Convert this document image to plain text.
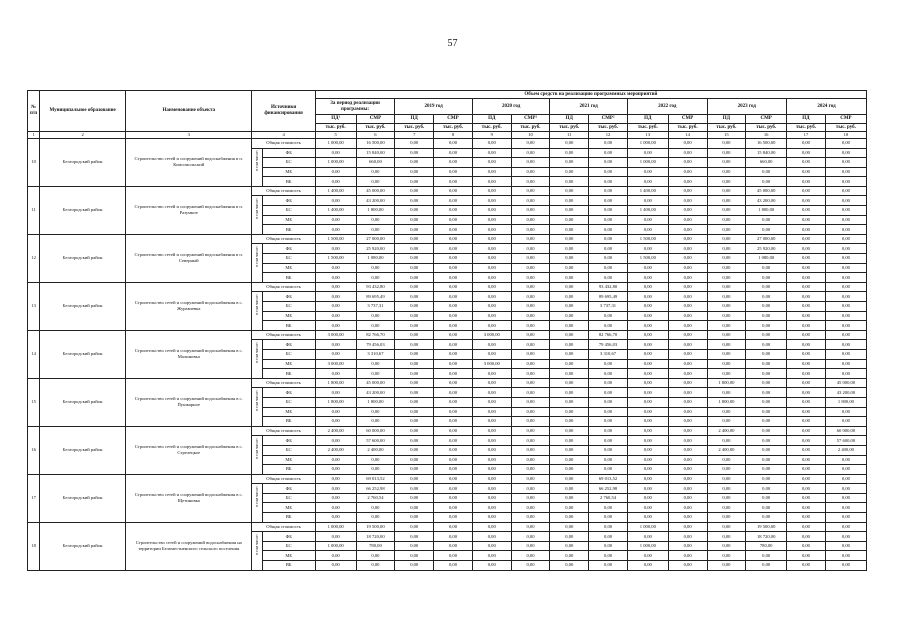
57
№ п/п	Муниципальное образование	Наименование объекта	Источники финансирования		Объем средств на реализацию программных мероприятий													
					За период реализации программы:		2019 год		2020 год		2021 год		2022 год		2023 год		2024 год	
					ПД¹	СМР	ПД	СМР	ПД	СМР²	ПД	СМР²	ПД	СМР	ПД	СМР	ПД	СМР
					тыс. руб.	тыс. руб.	тыс. руб.	тыс. руб.	тыс. руб.	тыс. руб.	тыс. руб.	тыс. руб.	тыс. руб.	тыс. руб.	тыс. руб.	тыс. руб.	тыс. руб.	тыс. руб.
1	2	3	4		5	6	7	8	9	10	11	12	13	14	15	16	17	18
10	Белгородский район	Строительство сетей и сооружений водоснабжения в п. Комсомольский	Общая стоимость		1 000,00	16 500,00	0,00	0,00	0,00	0,00	0,00	0,00	1 000,00	0,00	0,00	16 500,00	0,00	0,00

			в том числе:	ФБ	0,00	15 840,00	0,00	0,00	0,00	0,00	0,00	0,00	0,00	0,00	0,00	15 840,00	0,00	0,00
				БС	1 000,00	660,00	0,00	0,00	0,00	0,00	0,00	0,00	1 000,00	0,00	0,00	660,00	0,00	0,00
				МБ	0,00	0,00	0,00	0,00	0,00	0,00	0,00	0,00	0,00	0,00	0,00	0,00	0,00	0,00
				ВБ	0,00	0,00	0,00	0,00	0,00	0,00	0,00	0,00	0,00	0,00	0,00	0,00	0,00	0,00
11	Белгородский район	Строительство сетей и сооружений водоснабжения в п. Разумное	Общая стоимость		1 400,00	45 000,00	0,00	0,00	0,00	0,00	0,00	0,00	1 400,00	0,00	0,00	45 000,00	0,00	0,00

			в том числе:	ФБ	0,00	43 200,00	0,00	0,00	0,00	0,00	0,00	0,00	0,00	0,00	0,00	43 200,00	0,00	0,00
				БС	1 400,00	1 800,00	0,00	0,00	0,00	0,00	0,00	0,00	1 400,00	0,00	0,00	1 800,00	0,00	0,00
				МБ	0,00	0,00	0,00	0,00	0,00	0,00	0,00	0,00	0,00	0,00	0,00	0,00	0,00	0,00
				ВБ	0,00	0,00	0,00	0,00	0,00	0,00	0,00	0,00	0,00	0,00	0,00	0,00	0,00	0,00
12	Белгородский район	Строительство сетей и сооружений водоснабжения в п. Северный	Общая стоимость		1 500,00	27 000,00	0,00	0,00	0,00	0,00	0,00	0,00	1 500,00	0,00	0,00	27 000,00	0,00	0,00

			в том числе:	ФБ	0,00	25 920,00	0,00	0,00	0,00	0,00	0,00	0,00	0,00	0,00	0,00	25 920,00	0,00	0,00
				БС	1 500,00	1 080,00	0,00	0,00	0,00	0,00	0,00	0,00	1 500,00	0,00	0,00	1 080,00	0,00	0,00
				МБ	0,00	0,00	0,00	0,00	0,00	0,00	0,00	0,00	0,00	0,00	0,00	0,00	0,00	0,00
				ВБ	0,00	0,00	0,00	0,00	0,00	0,00	0,00	0,00	0,00	0,00	0,00	0,00	0,00	0,00
13	Белгородский район	Строительство сетей и сооружений водоснабжения в с. Журавлевка	Общая стоимость		0,00	93 432,80	0,00	0,00	0,00	0,00	0,00	93 432,80	0,00	0,00	0,00	0,00	0,00	0,00

			в том числе:	ФБ	0,00	89 695,49	0,00	0,00	0,00	0,00	0,00	89 695,49	0,00	0,00	0,00	0,00	0,00	0,00
				БС	0,00	3 737,31	0,00	0,00	0,00	0,00	0,00	3 737,31	0,00	0,00	0,00	0,00	0,00	0,00
				МБ	0,00	0,00	0,00	0,00	0,00	0,00	0,00	0,00	0,00	0,00	0,00	0,00	0,00	0,00
				ВБ	0,00	0,00	0,00	0,00	0,00	0,00	0,00	0,00	0,00	0,00	0,00	0,00	0,00	0,00
14	Белгородский район	Строительство сетей и сооружений водоснабжения в с. Малиновка	Общая стоимость		3 000,00	82 766,70	0,00	0,00	3 000,00	0,00	0,00	82 766,70	0,00	0,00	0,00	0,00	0,00	0,00

			в том числе:	ФБ	0,00	79 456,03	0,00	0,00	0,00	0,00	0,00	79 456,03	0,00	0,00	0,00	0,00	0,00	0,00
				БС	0,00	3 310,67	0,00	0,00	0,00	0,00	0,00	3 310,67	0,00	0,00	0,00	0,00	0,00	0,00
				МБ	3 000,00	0,00	0,00	0,00	3 000,00	0,00	0,00	0,00	0,00	0,00	0,00	0,00	0,00	0,00
				ВБ	0,00	0,00	0,00	0,00	0,00	0,00	0,00	0,00	0,00	0,00	0,00	0,00	0,00	0,00
15	Белгородский район	Строительство сетей и сооружений водоснабжения в с. Пушкарное	Общая стоимость		1 800,00	45 000,00	0,00	0,00	0,00	0,00	0,00	0,00	0,00	0,00	1 800,00	0,00	0,00	45 000,00

			в том числе:	ФБ	0,00	43 200,00	0,00	0,00	0,00	0,00	0,00	0,00	0,00	0,00	0,00	0,00	0,00	43 200,00
				БС	1 800,00	1 800,00	0,00	0,00	0,00	0,00	0,00	0,00	0,00	0,00	1 800,00	0,00	0,00	1 800,00
				МБ	0,00	0,00	0,00	0,00	0,00	0,00	0,00	0,00	0,00	0,00	0,00	0,00	0,00	0,00
				ВБ	0,00	0,00	0,00	0,00	0,00	0,00	0,00	0,00	0,00	0,00	0,00	0,00	0,00	0,00
16	Белгородский район	Строительство сетей и сооружений водоснабжения в с. Стрелецкое	Общая стоимость		2 400,00	60 000,00	0,00	0,00	0,00	0,00	0,00	0,00	0,00	0,00	2 400,00	0,00	0,00	60 000,00

			в том числе:	ФБ	0,00	57 600,00	0,00	0,00	0,00	0,00	0,00	0,00	0,00	0,00	0,00	0,00	0,00	57 600,00
				БС	2 400,00	2 400,00	0,00	0,00	0,00	0,00	0,00	0,00	0,00	0,00	2 400,00	0,00	0,00	2 400,00
				МБ	0,00	0,00	0,00	0,00	0,00	0,00	0,00	0,00	0,00	0,00	0,00	0,00	0,00	0,00
				ВБ	0,00	0,00	0,00	0,00	0,00	0,00	0,00	0,00	0,00	0,00	0,00	0,00	0,00	0,00
17	Белгородский район	Строительство сетей и сооружений водоснабжения в с. Щетиновка	Общая стоимость		0,00	69 013,52	0,00	0,00	0,00	0,00	0,00	69 013,52	0,00	0,00	0,00	0,00	0,00	0,00

			в том числе:	ФБ	0,00	66 252,98	0,00	0,00	0,00	0,00	0,00	66 252,98	0,00	0,00	0,00	0,00	0,00	0,00
				БС	0,00	2 760,54	0,00	0,00	0,00	0,00	0,00	2 760,54	0,00	0,00	0,00	0,00	0,00	0,00
				МБ	0,00	0,00	0,00	0,00	0,00	0,00	0,00	0,00	0,00	0,00	0,00	0,00	0,00	0,00
				ВБ	0,00	0,00	0,00	0,00	0,00	0,00	0,00	0,00	0,00	0,00	0,00	0,00	0,00	0,00
18	Белгородский район	Строительство сетей и сооружений водоснабжения на территории Беломестненского сельского поселения	Общая стоимость		1 000,00	19 500,00	0,00	0,00	0,00	0,00	0,00	0,00	1 000,00	0,00	0,00	19 500,00	0,00	0,00

			в том числе:	ФБ	0,00	18 720,00	0,00	0,00	0,00	0,00	0,00	0,00	0,00	0,00	0,00	18 720,00	0,00	0,00
				БС	1 000,00	780,00	0,00	0,00	0,00	0,00	0,00	0,00	1 000,00	0,00	0,00	780,00	0,00	0,00
				МБ	0,00	0,00	0,00	0,00	0,00	0,00	0,00	0,00	0,00	0,00	0,00	0,00	0,00	0,00
				ВБ	0,00	0,00	0,00	0,00	0,00	0,00	0,00	0,00	0,00	0,00	0,00	0,00	0,00	0,00
